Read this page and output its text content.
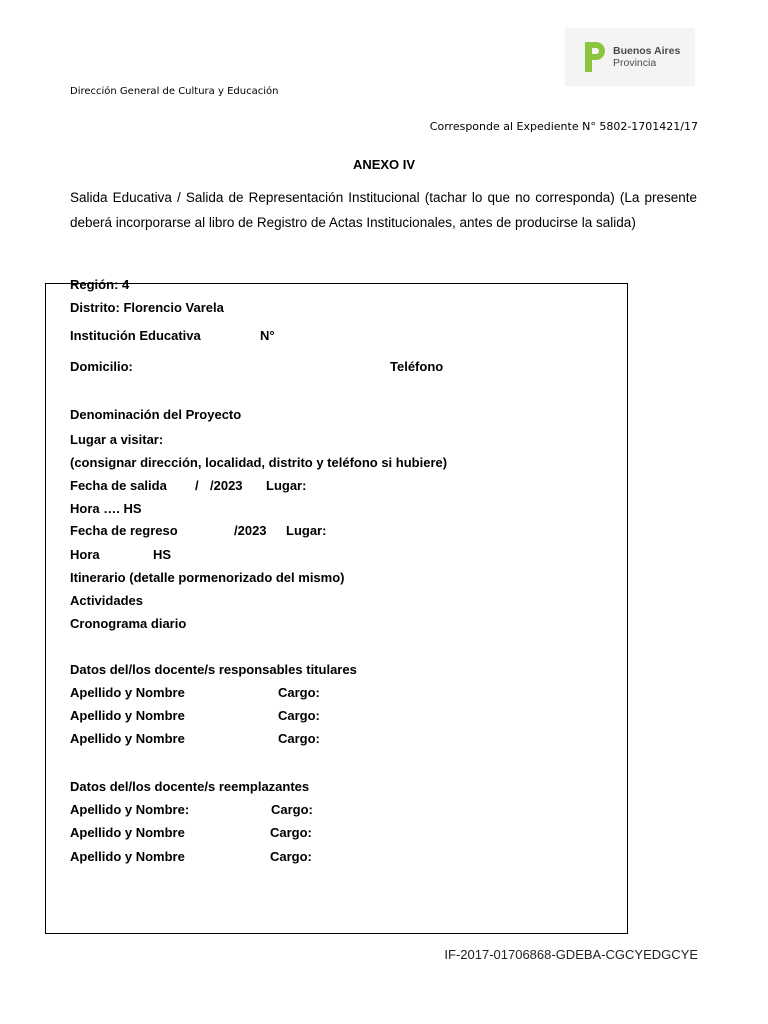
Buenos Aires
Provincia
Dirección General de Cultura y Educación
Corresponde al Expediente N° 5802-1701421/17
ANEXO IV
Salida Educativa / Salida de Representación Institucional (tachar lo que no corresponda) (La presente deberá incorporarse al libro de Registro de Actas Institucionales, antes de producirse la salida)
Región: 4
Distrito: Florencio Varela
Institución Educativa	N°
Domicilio:	Teléfono
Denominación del Proyecto
Lugar a visitar:
(consignar dirección, localidad, distrito y teléfono si hubiere)
Fecha de salida / /2023 Lugar:
Hora …. HS
Fecha de regreso	/2023 Lugar:
Hora	HS
Itinerario (detalle pormenorizado del mismo)
Actividades
Cronograma diario
Datos del/los docente/s responsables titulares
Apellido y Nombre	Cargo:
Apellido y Nombre	Cargo:
Apellido y Nombre	Cargo:
Datos del/los docente/s reemplazantes
Apellido y Nombre:	Cargo:
Apellido y Nombre	Cargo:
Apellido y Nombre	Cargo:
IF-2017-01706868-GDEBA-CGCYEDGCYE
